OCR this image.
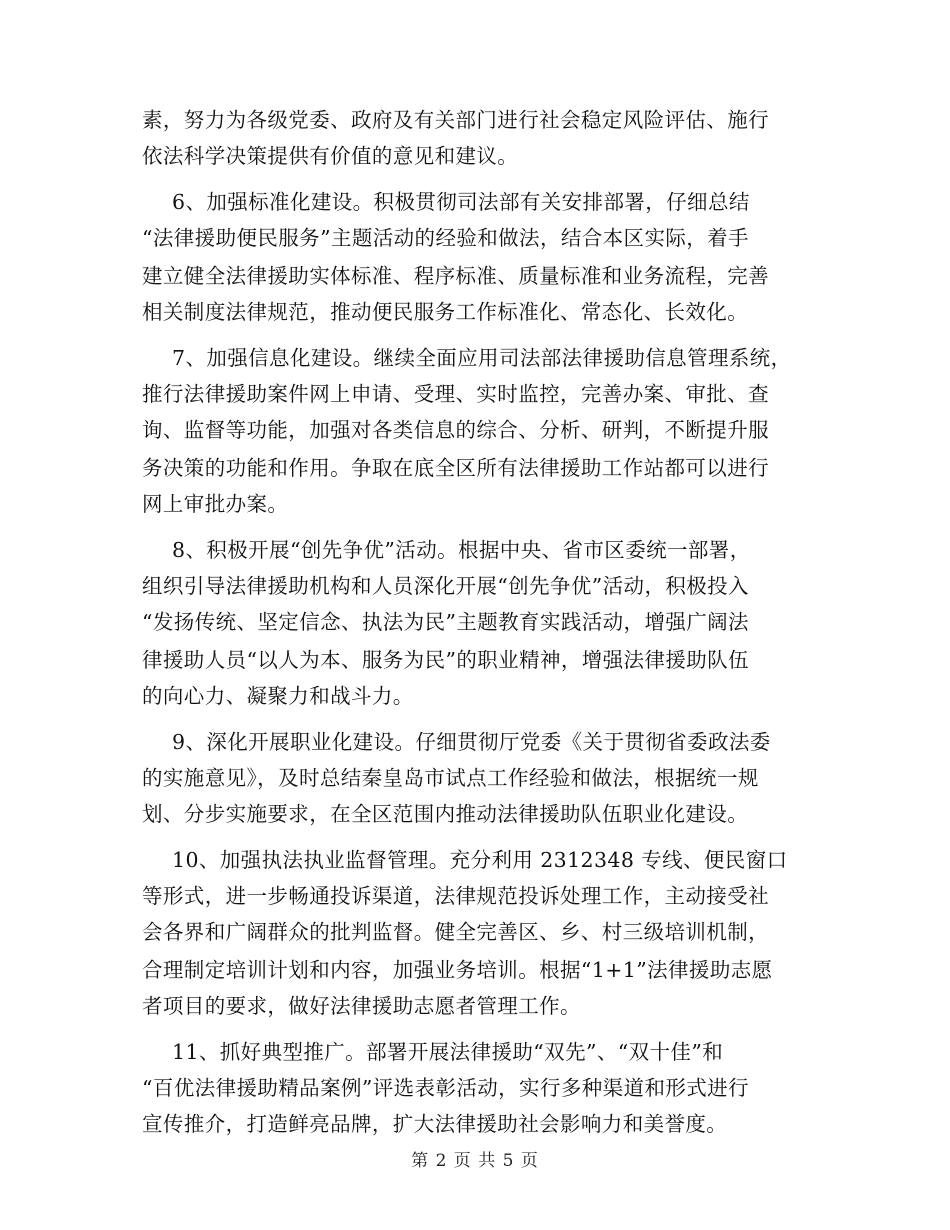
素，努力为各级党委、政府及有关部门进行社会稳定风险评估、施行
依法科学决策提供有价值的意见和建议。
6、加强标准化建设。积极贯彻司法部有关安排部署，仔细总结
“法律援助便民服务”主题活动的经验和做法，结合本区实际，着手
建立健全法律援助实体标准、程序标准、质量标准和业务流程，完善
相关制度法律规范，推动便民服务工作标准化、常态化、长效化。
7、加强信息化建设。继续全面应用司法部法律援助信息管理系统，
推行法律援助案件网上申请、受理、实时监控，完善办案、审批、查
询、监督等功能，加强对各类信息的综合、分析、研判，不断提升服
务决策的功能和作用。争取在底全区所有法律援助工作站都可以进行
网上审批办案。
8、积极开展“创先争优”活动。根据中央、省市区委统一部署，
组织引导法律援助机构和人员深化开展“创先争优”活动，积极投入
“发扬传统、坚定信念、执法为民”主题教育实践活动，增强广阔法
律援助人员“以人为本、服务为民”的职业精神，增强法律援助队伍
的向心力、凝聚力和战斗力。
9、深化开展职业化建设。仔细贯彻厅党委《关于贯彻省委政法委
的实施意见》，及时总结秦皇岛市试点工作经验和做法，根据统一规
划、分步实施要求，在全区范围内推动法律援助队伍职业化建设。
10、加强执法执业监督管理。充分利用 2312348 专线、便民窗口
等形式，进一步畅通投诉渠道，法律规范投诉处理工作，主动接受社
会各界和广阔群众的批判监督。健全完善区、乡、村三级培训机制，
合理制定培训计划和内容，加强业务培训。根据“1+1”法律援助志愿
者项目的要求，做好法律援助志愿者管理工作。
11、抓好典型推广。部署开展法律援助“双先”、“双十佳”和
“百优法律援助精品案例”评选表彰活动，实行多种渠道和形式进行
宣传推介，打造鲜亮品牌，扩大法律援助社会影响力和美誉度。
第 2 页 共 5 页
